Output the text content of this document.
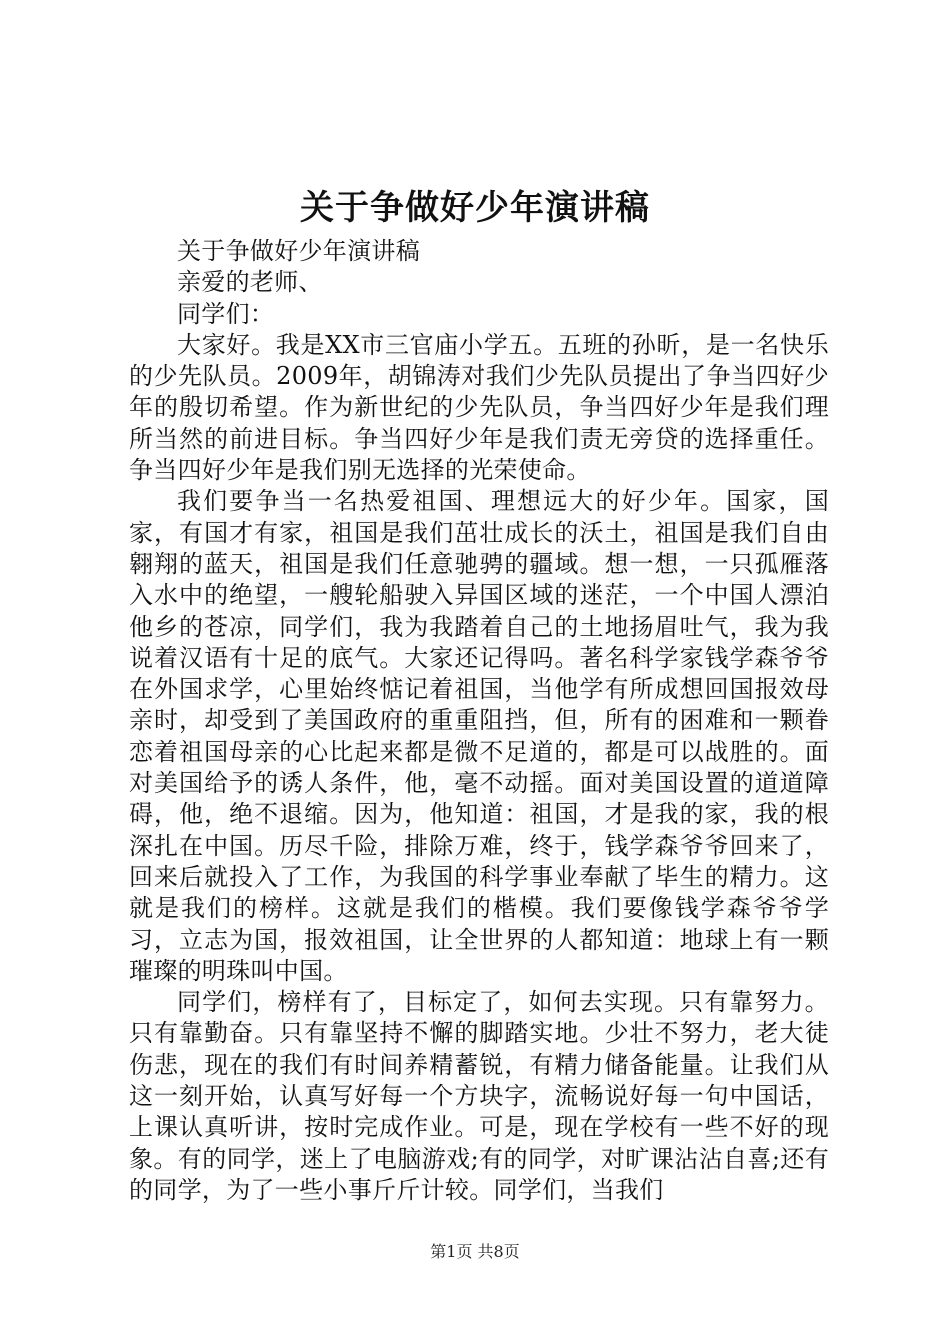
关于争做好少年演讲稿

关于争做好少年演讲稿

亲爱的老师、

同学们：

大家好。我是XX市三官庙小学五。五班的孙昕，是一名快乐的少先队员。2009年，胡锦涛对我们少先队员提出了争当四好少年的殷切希望。作为新世纪的少先队员，争当四好少年是我们理所当然的前进目标。争当四好少年是我们责无旁贷的选择重任。争当四好少年是我们别无选择的光荣使命。

我们要争当一名热爱祖国、理想远大的好少年。国家，国家，有国才有家，祖国是我们茁壮成长的沃土，祖国是我们自由翱翔的蓝天，祖国是我们任意驰骋的疆域。想一想，一只孤雁落入水中的绝望，一艘轮船驶入异国区域的迷茫，一个中国人漂泊他乡的苍凉，同学们，我为我踏着自己的土地扬眉吐气，我为我说着汉语有十足的底气。大家还记得吗。著名科学家钱学森爷爷在外国求学，心里始终惦记着祖国，当他学有所成想回国报效母亲时，却受到了美国政府的重重阻挡，但，所有的困难和一颗眷恋着祖国母亲的心比起来都是微不足道的，都是可以战胜的。面对美国给予的诱人条件，他，毫不动摇。面对美国设置的道道障碍，他，绝不退缩。因为，他知道：祖国，才是我的家，我的根深扎在中国。历尽千险，排除万难，终于，钱学森爷爷回来了，回来后就投入了工作，为我国的科学事业奉献了毕生的精力。这就是我们的榜样。这就是我们的楷模。我们要像钱学森爷爷学习，立志为国，报效祖国，让全世界的人都知道：地球上有一颗璀璨的明珠叫中国。

同学们，榜样有了，目标定了，如何去实现。只有靠努力。只有靠勤奋。只有靠坚持不懈的脚踏实地。少壮不努力，老大徒伤悲，现在的我们有时间养精蓄锐，有精力储备能量。让我们从这一刻开始，认真写好每一个方块字，流畅说好每一句中国话，上课认真听讲，按时完成作业。可是，现在学校有一些不好的现象。有的同学，迷上了电脑游戏;有的同学，对旷课沾沾自喜;还有的同学，为了一些小事斤斤计较。同学们，当我们

第1页 共8页
